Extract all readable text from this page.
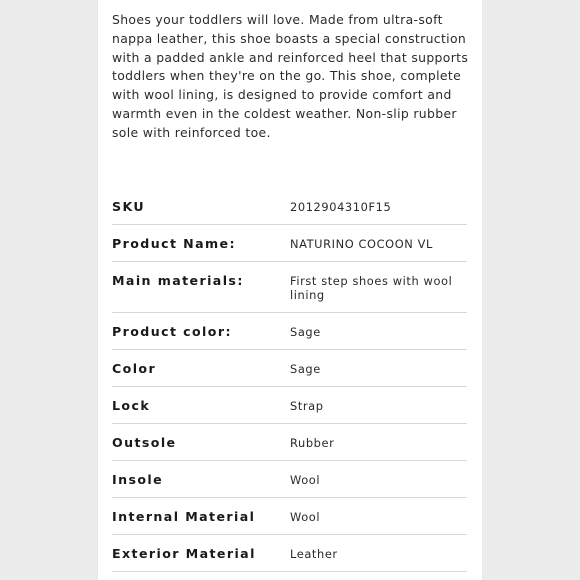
Shoes your toddlers will love. Made from ultra-soft nappa leather, this shoe boasts a special construction with a padded ankle and reinforced heel that supports toddlers when they're on the go. This shoe, complete with wool lining, is designed to provide comfort and warmth even in the coldest weather. Non-slip rubber sole with reinforced toe.

SKU	2012904310F15
Product Name:	NATURINO COCOON VL
Main materials:	First step shoes with wool lining
Product color:	Sage
Color	Sage
Lock	Strap
Outsole	Rubber
Insole	Wool
Internal Material	Wool
Exterior Material	Leather
